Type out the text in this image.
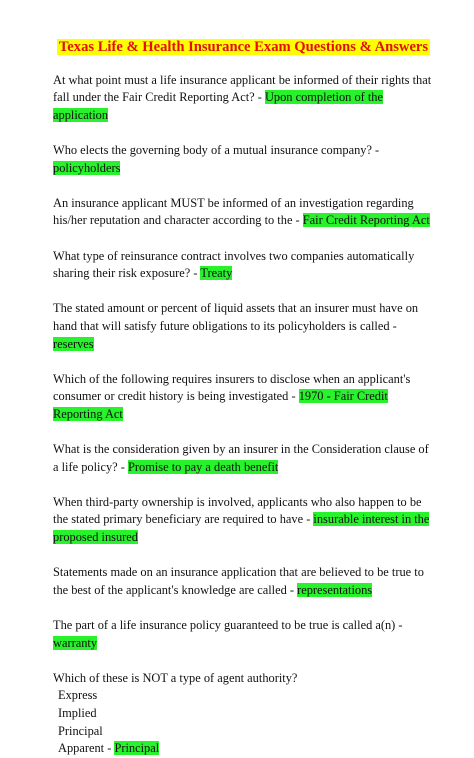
Texas Life & Health Insurance Exam Questions & Answers

At what point must a life insurance applicant be informed of their rights that fall under the Fair Credit Reporting Act? - Upon completion of the application

Who elects the governing body of a mutual insurance company? - policyholders

An insurance applicant MUST be informed of an investigation regarding his/her reputation and character according to the - Fair Credit Reporting Act

What type of reinsurance contract involves two companies automatically sharing their risk exposure? - Treaty

The stated amount or percent of liquid assets that an insurer must have on hand that will satisfy future obligations to its policyholders is called - reserves

Which of the following requires insurers to disclose when an applicant's consumer or credit history is being investigated - 1970 - Fair Credit Reporting Act

What is the consideration given by an insurer in the Consideration clause of a life policy? - Promise to pay a death benefit

When third-party ownership is involved, applicants who also happen to be the stated primary beneficiary are required to have - insurable interest in the proposed insured

Statements made on an insurance application that are believed to be true to the best of the applicant's knowledge are called - representations

The part of a life insurance policy guaranteed to be true is called a(n) - warranty

Which of these is NOT a type of agent authority?

Express

Implied

Principal

Apparent - Principal
